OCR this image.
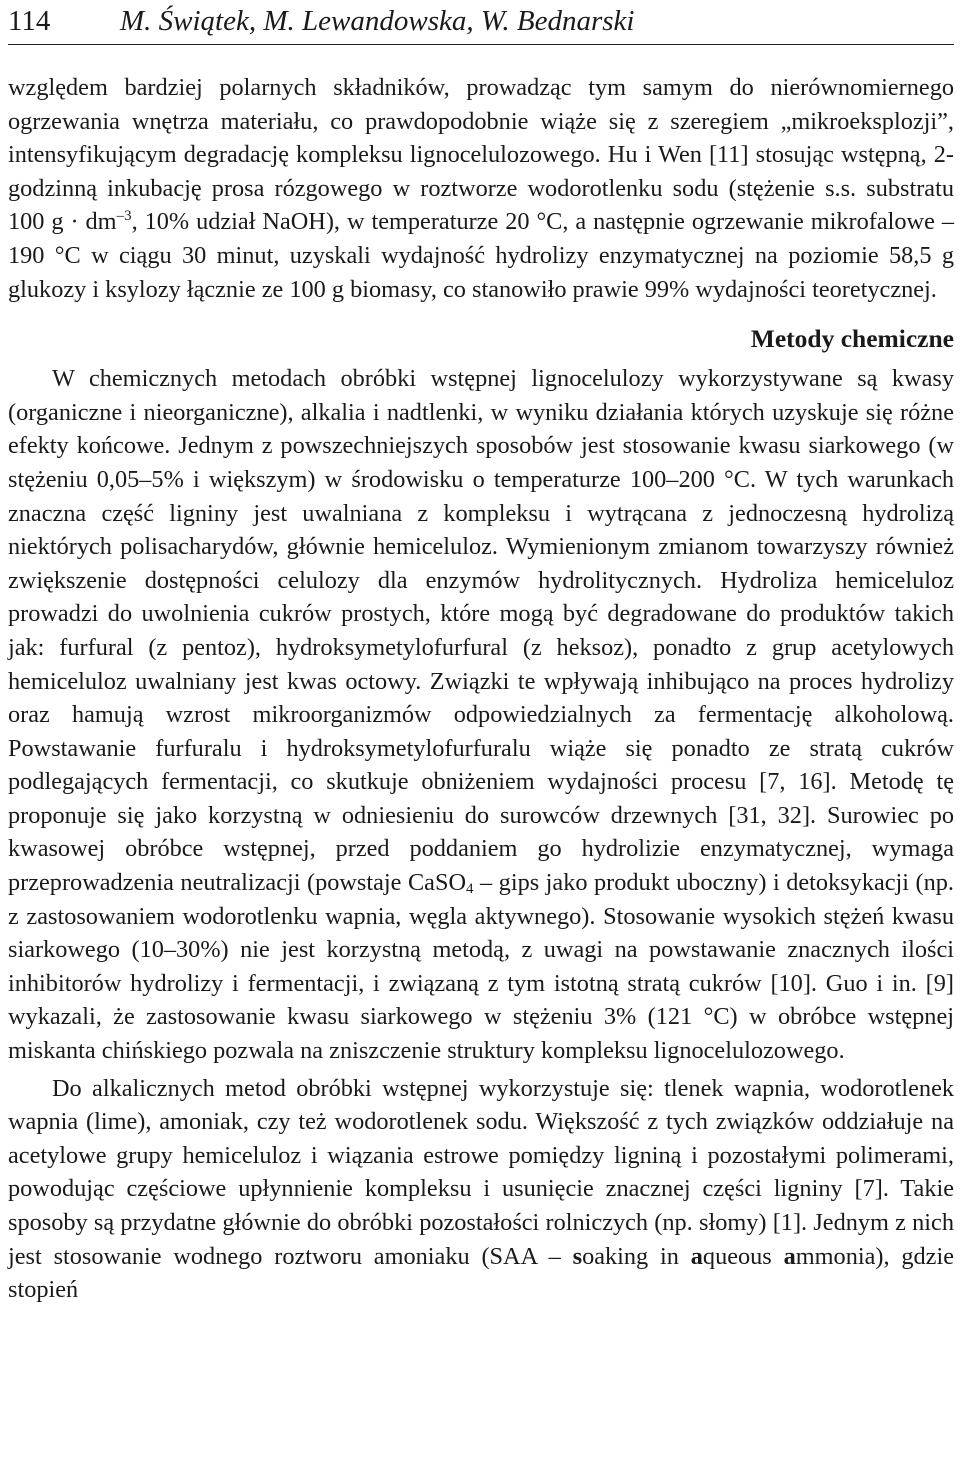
114 M. Świątek, M. Lewandowska, W. Bednarski

względem bardziej polarnych składników, prowadząc tym samym do nierównomiernego ogrzewania wnętrza materiału, co prawdopodobnie wiąże się z szeregiem „mikroeksplozji”, intensyfikującym degradację kompleksu lignocelulozowego. Hu i Wen [11] stosując wstępną, 2-godzinną inkubację prosa rózgowego w roztworze wodorotlenku sodu (stężenie s.s. substratu 100 $g \cdot dm^{-3}$, 10% udział NaOH), w temperaturze 20 °C, a następnie ogrzewanie mikrofalowe – 190 °C w ciągu 30 minut, uzyskali wydajność hydrolizy enzymatycznej na poziomie 58,5 g glukozy i ksylozy łącznie ze 100 g biomasy, co stanowiło prawie 99% wydajności teoretycznej.

Metody chemiczne

W chemicznych metodach obróbki wstępnej lignocelulozy wykorzystywane są kwasy (organiczne i nieorganiczne), alkalia i nadtlenki, w wyniku działania których uzyskuje się różne efekty końcowe. Jednym z powszechniejszych sposobów jest stosowanie kwasu siarkowego (w stężeniu 0,05–5% i większym) w środowisku o temperaturze 100–200 °C. W tych warunkach znaczna część ligniny jest uwalniana z kompleksu i wytrącana z jednoczesną hydrolizą niektórych polisacharydów, głównie hemiceluloz. Wymienionym zmianom towarzyszy również zwiększenie dostępności celulozy dla enzymów hydrolitycznych. Hydroliza hemiceluloz prowadzi do uwolnienia cukrów prostych, które mogą być degradowane do produktów takich jak: furfural (z pentoz), hydroksymetylofurfural (z heksoz), ponadto z grup acetylowych hemiceluloz uwalniany jest kwas octowy. Związki te wpływają inhibująco na proces hydrolizy oraz hamują wzrost mikroorganizmów odpowiedzialnych za fermentację alkoholową. Powstawanie furfuralu i hydroksymetylofurfuralu wiąże się ponadto ze stratą cukrów podlegających fermentacji, co skutkuje obniżeniem wydajności procesu [7, 16]. Metodę tę proponuje się jako korzystną w odniesieniu do surowców drzewnych [31, 32]. Surowiec po kwasowej obróbce wstępnej, przed poddaniem go hydrolizie enzymatycznej, wymaga przeprowadzenia neutralizacji (powstaje CaSO$_4$ – gips jako produkt uboczny) i detoksykacji (np. z zastosowaniem wodorotlenku wapnia, węgla aktywnego). Stosowanie wysokich stężeń kwasu siarkowego (10–30%) nie jest korzystną metodą, z uwagi na powstawanie znacznych ilości inhibitorów hydrolizy i fermentacji, i związaną z tym istotną stratą cukrów [10]. Guo i in. [9] wykazali, że zastosowanie kwasu siarkowego w stężeniu 3% (121 °C) w obróbce wstępnej miskanta chińskiego pozwala na zniszczenie struktury kompleksu lignocelulozowego.

Do alkalicznych metod obróbki wstępnej wykorzystuje się: tlenek wapnia, wodorotlenek wapnia (lime), amoniak, czy też wodorotlenek sodu. Większość z tych związków oddziałuje na acetylowe grupy hemiceluloz i wiązania estrowe pomiędzy ligniną i pozostałymi polimerami, powodując częściowe upłynnienie kompleksu i usunięcie znacznej części ligniny [7]. Takie sposoby są przydatne głównie do obróbki pozostałości rolniczych (np. słomy) [1]. Jednym z nich jest stosowanie wodnego roztworu amoniaku (SAA – soaking in aqueous ammonia), gdzie stopień
